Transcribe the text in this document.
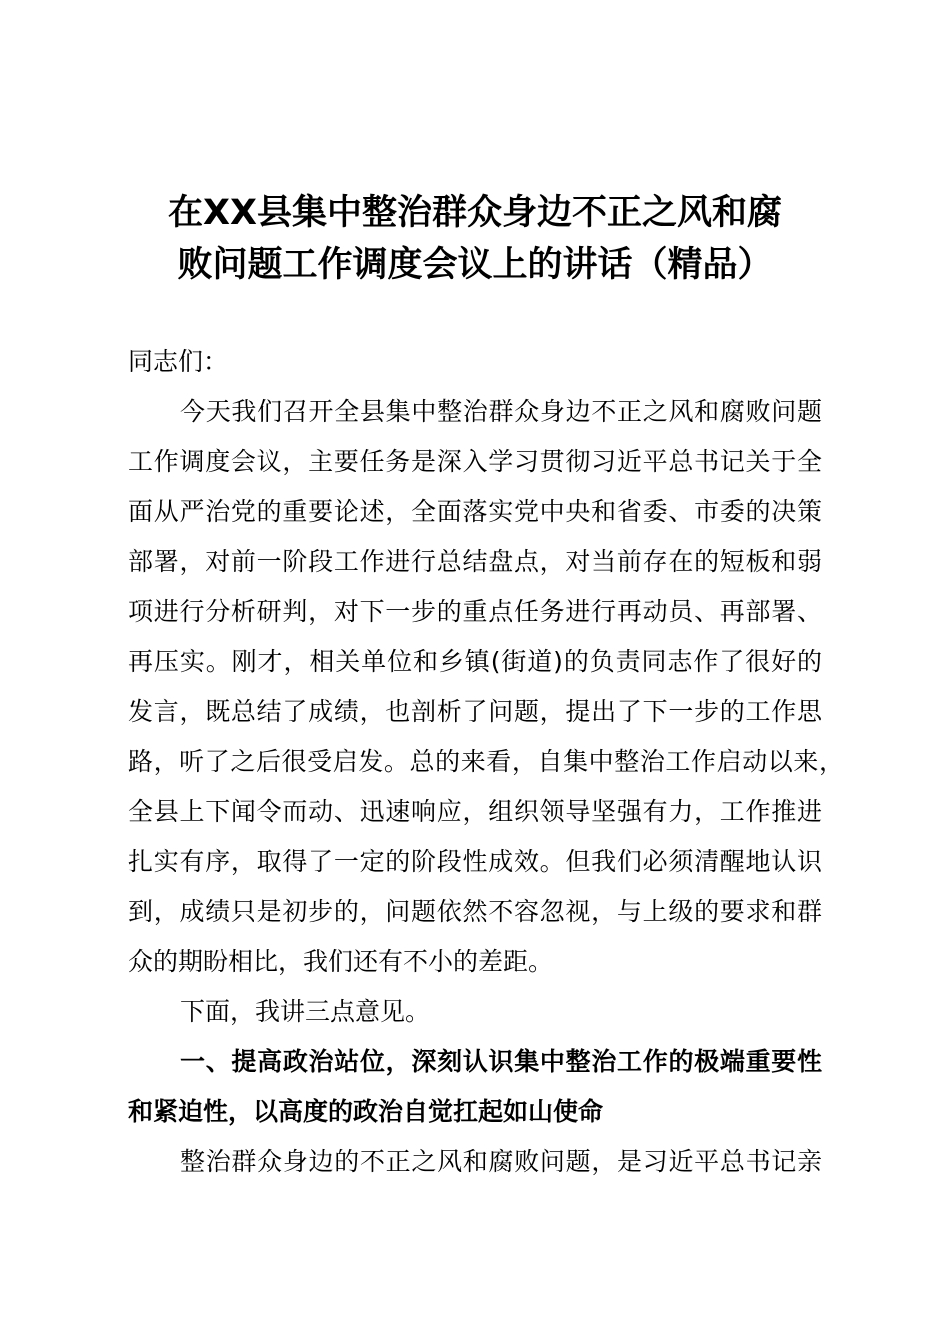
在XX县集中整治群众身边不正之风和腐
败问题工作调度会议上的讲话（精品）
同志们：
今天我们召开全县集中整治群众身边不正之风和腐败问题
工作调度会议，主要任务是深入学习贯彻习近平总书记关于全
面从严治党的重要论述，全面落实党中央和省委、市委的决策
部署，对前一阶段工作进行总结盘点，对当前存在的短板和弱
项进行分析研判，对下一步的重点任务进行再动员、再部署、
再压实。刚才，相关单位和乡镇(街道)的负责同志作了很好的
发言，既总结了成绩，也剖析了问题，提出了下一步的工作思
路，听了之后很受启发。总的来看，自集中整治工作启动以来，
全县上下闻令而动、迅速响应，组织领导坚强有力，工作推进
扎实有序，取得了一定的阶段性成效。但我们必须清醒地认识
到，成绩只是初步的，问题依然不容忽视，与上级的要求和群
众的期盼相比，我们还有不小的差距。
下面，我讲三点意见。
一、提高政治站位，深刻认识集中整治工作的极端重要性
和紧迫性，以高度的政治自觉扛起如山使命
整治群众身边的不正之风和腐败问题，是习近平总书记亲
